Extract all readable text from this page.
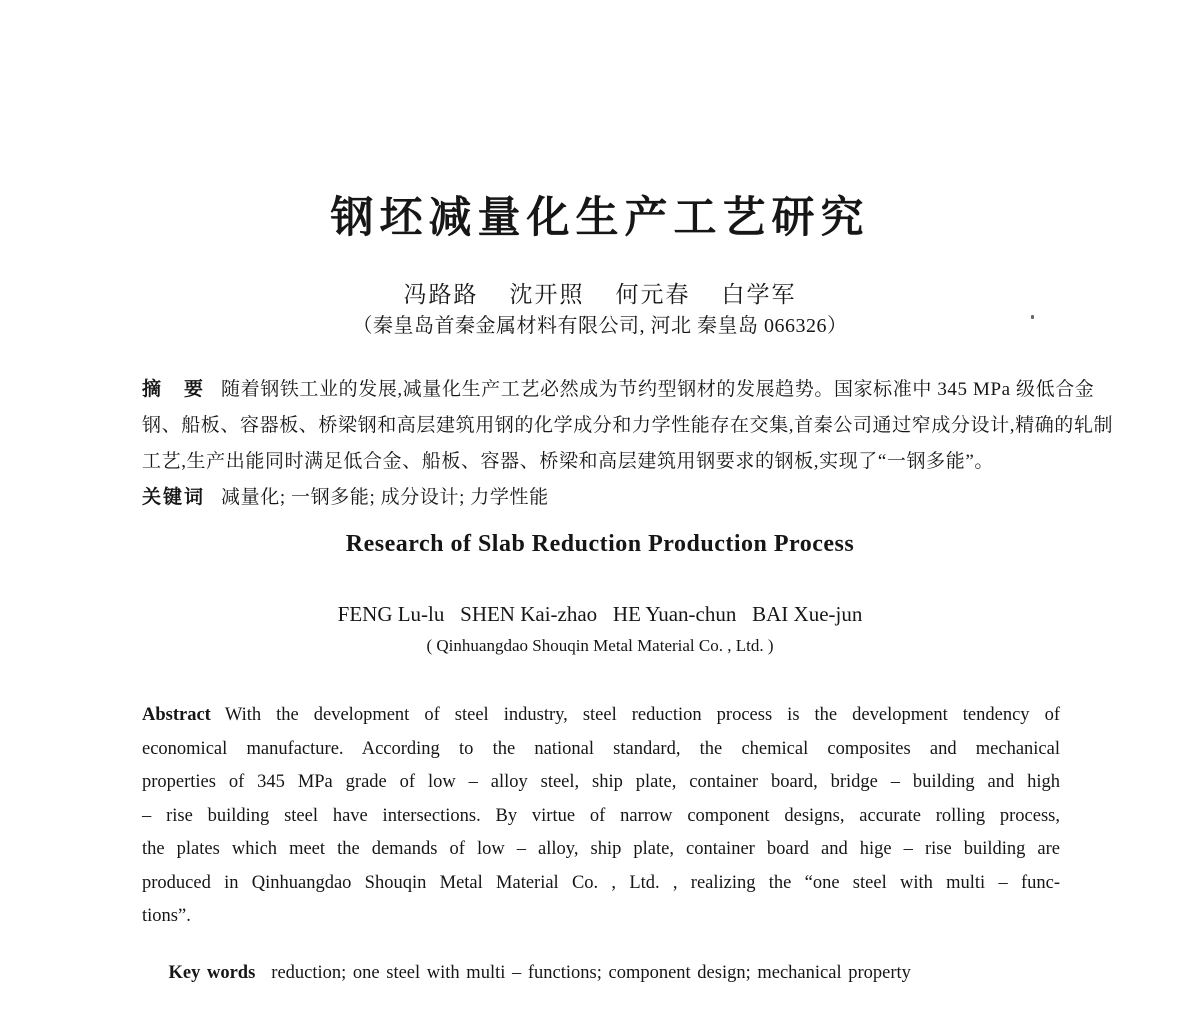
钢坯减量化生产工艺研究
冯路路    沈开照    何元春    白学军
（秦皇岛首秦金属材料有限公司, 河北 秦皇岛 066326）
摘　要 随着钢铁工业的发展,减量化生产工艺必然成为节约型钢材的发展趋势。国家标准中 345 MPa 级低合金
钢、船板、容器板、桥梁钢和高层建筑用钢的化学成分和力学性能存在交集,首秦公司通过窄成分设计,精确的轧制
工艺,生产出能同时满足低合金、船板、容器、桥梁和高层建筑用钢要求的钢板,实现了“一钢多能”。
关键词 减量化; 一钢多能; 成分设计; 力学性能
Research of Slab Reduction Production Process
FENG Lu-lu   SHEN Kai-zhao   HE Yuan-chun   BAI Xue-jun
( Qinhuangdao Shouqin Metal Material Co. , Ltd. )
Abstract With the development of steel industry, steel reduction process is the development tendency of
economical manufacture. According to the national standard, the chemical composites and mechanical
properties of 345 MPa grade of low – alloy steel, ship plate, container board, bridge – building and high
– rise building steel have intersections. By virtue of narrow component designs, accurate rolling process,
the plates which meet the demands of low – alloy, ship plate, container board and hige – rise building are
produced in Qinhuangdao Shouqin Metal Material Co. , Ltd. , realizing the “one steel with multi – func-
tions”.

Key words reduction; one steel with multi – functions; component design; mechanical property
